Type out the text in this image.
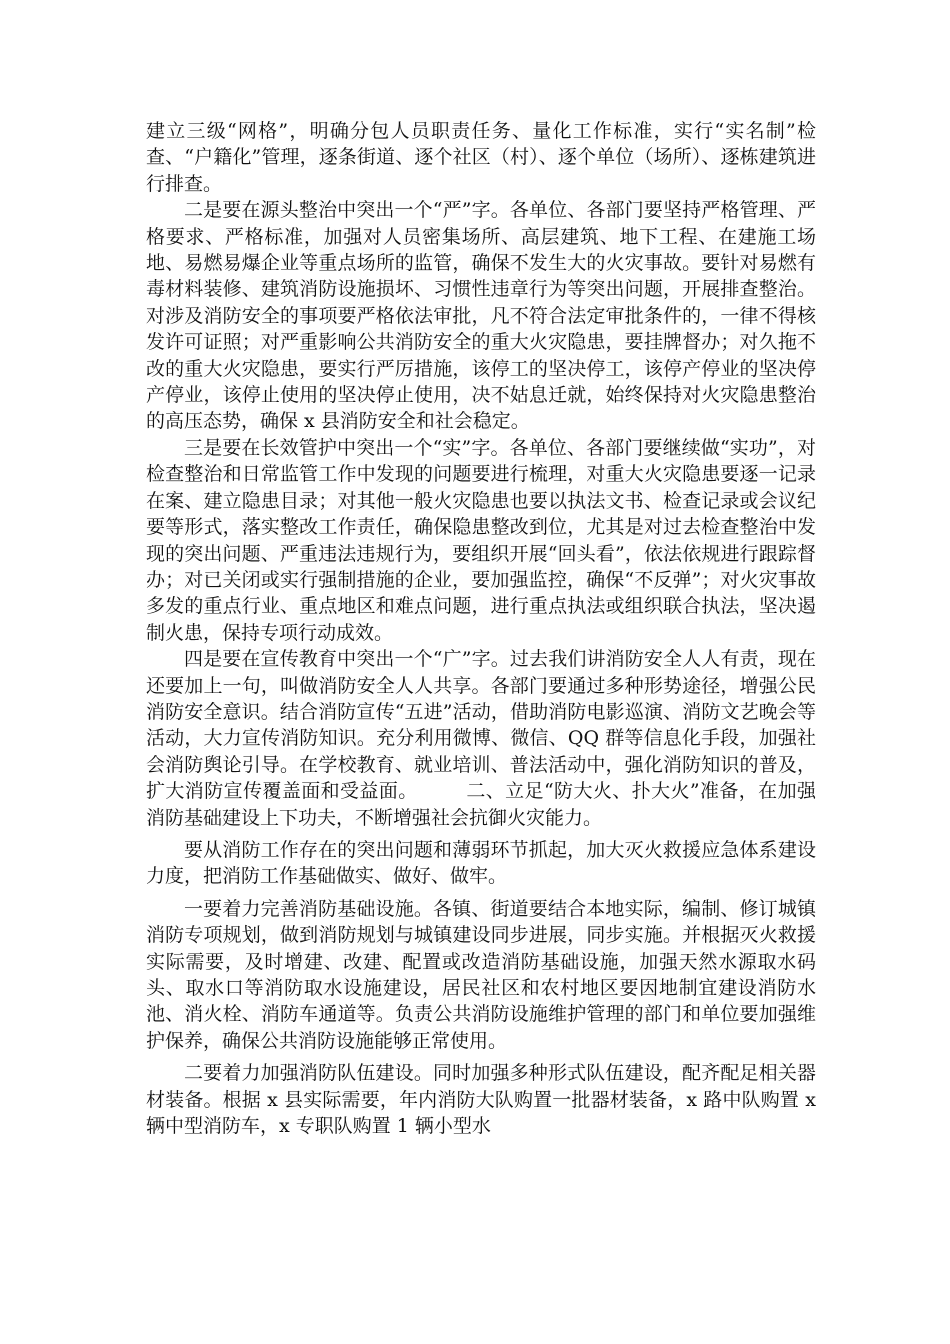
建立三级“网格”，明确分包人员职责任务、量化工作标准，实行“实名制”检查、“户籍化”管理，逐条街道、逐个社区（村）、逐个单位（场所）、逐栋建筑进行排查。

二是要在源头整治中突出一个“严”字。各单位、各部门要坚持严格管理、严格要求、严格标准，加强对人员密集场所、高层建筑、地下工程、在建施工场地、易燃易爆企业等重点场所的监管，确保不发生大的火灾事故。要针对易燃有毒材料装修、建筑消防设施损坏、习惯性违章行为等突出问题，开展排查整治。对涉及消防安全的事项要严格依法审批，凡不符合法定审批条件的，一律不得核发许可证照；对严重影响公共消防安全的重大火灾隐患，要挂牌督办；对久拖不改的重大火灾隐患，要实行严厉措施，该停工的坚决停工，该停产停业的坚决停产停业，该停止使用的坚决停止使用，决不姑息迁就，始终保持对火灾隐患整治的高压态势，确保 x 县消防安全和社会稳定。

三是要在长效管护中突出一个“实”字。各单位、各部门要继续做“实功”，对检查整治和日常监管工作中发现的问题要进行梳理，对重大火灾隐患要逐一记录在案、建立隐患目录；对其他一般火灾隐患也要以执法文书、检查记录或会议纪要等形式，落实整改工作责任，确保隐患整改到位，尤其是对过去检查整治中发现的突出问题、严重违法违规行为，要组织开展“回头看”，依法依规进行跟踪督办；对已关闭或实行强制措施的企业，要加强监控，确保“不反弹”；对火灾事故多发的重点行业、重点地区和难点问题，进行重点执法或组织联合执法，坚决遏制火患，保持专项行动成效。

四是要在宣传教育中突出一个“广”字。过去我们讲消防安全人人有责，现在还要加上一句，叫做消防安全人人共享。各部门要通过多种形势途径，增强公民消防安全意识。结合消防宣传“五进”活动，借助消防电影巡演、消防文艺晚会等活动，大力宣传消防知识。充分利用微博、微信、QQ 群等信息化手段，加强社会消防舆论引导。在学校教育、就业培训、普法活动中，强化消防知识的普及，扩大消防宣传覆盖面和受益面。　　　二、立足“防大火、扑大火”准备，在加强消防基础建设上下功夫，不断增强社会抗御火灾能力。

要从消防工作存在的突出问题和薄弱环节抓起，加大灭火救援应急体系建设力度，把消防工作基础做实、做好、做牢。

一要着力完善消防基础设施。各镇、街道要结合本地实际，编制、修订城镇消防专项规划，做到消防规划与城镇建设同步进展，同步实施。并根据灭火救援实际需要，及时增建、改建、配置或改造消防基础设施，加强天然水源取水码头、取水口等消防取水设施建设，居民社区和农村地区要因地制宜建设消防水池、消火栓、消防车通道等。负责公共消防设施维护管理的部门和单位要加强维护保养，确保公共消防设施能够正常使用。

二要着力加强消防队伍建设。同时加强多种形式队伍建设，配齐配足相关器材装备。根据 x 县实际需要，年内消防大队购置一批器材装备，x 路中队购置 x 辆中型消防车，x 专职队购置 1 辆小型水
